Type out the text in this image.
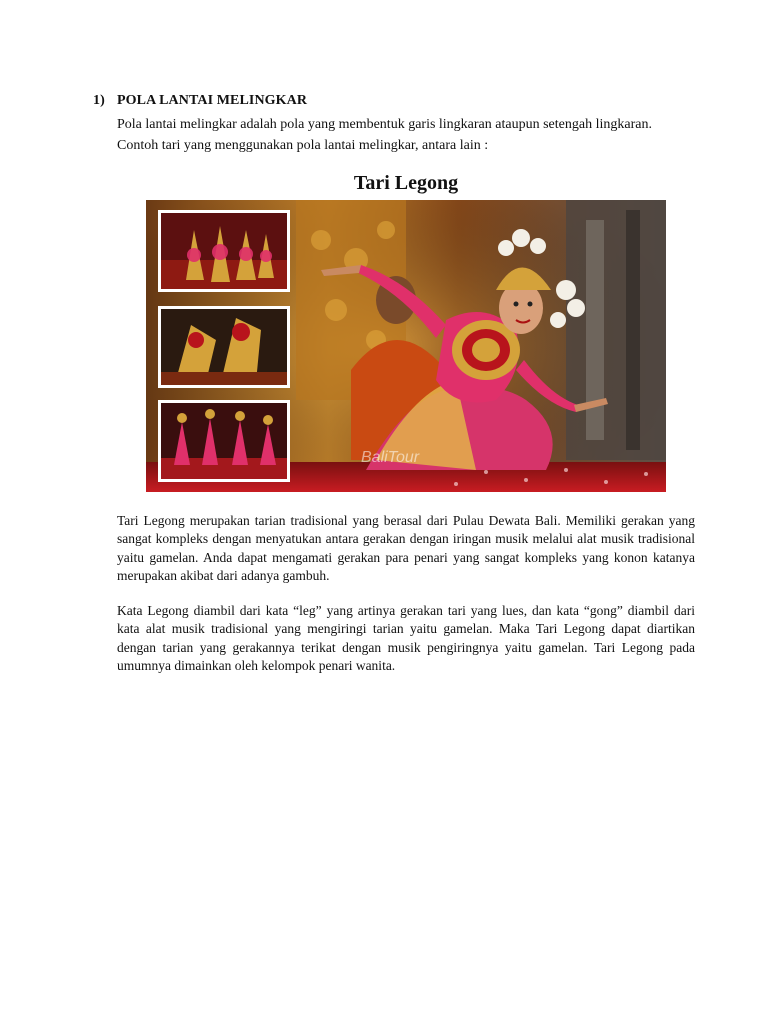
1) POLA LANTAI MELINGKAR
Pola lantai melingkar adalah pola yang membentuk garis lingkaran ataupun setengah lingkaran.
Contoh tari yang menggunakan pola lantai melingkar, antara lain :
Tari Legong
BaliTour
Tari Legong merupakan tarian tradisional yang berasal dari Pulau Dewata Bali. Memiliki gerakan yang sangat kompleks dengan menyatukan antara gerakan dengan iringan musik melalui alat musik tradisional yaitu gamelan. Anda dapat mengamati gerakan para penari yang sangat kompleks yang konon katanya merupakan akibat dari adanya gambuh.
Kata Legong diambil dari kata “leg” yang artinya gerakan tari yang lues, dan kata “gong” diambil dari kata alat musik tradisional yang mengiringi tarian yaitu gamelan. Maka Tari Legong dapat diartikan dengan tarian yang gerakannya terikat dengan musik pengiringnya yaitu gamelan. Tari Legong pada umumnya dimainkan oleh kelompok penari wanita.
